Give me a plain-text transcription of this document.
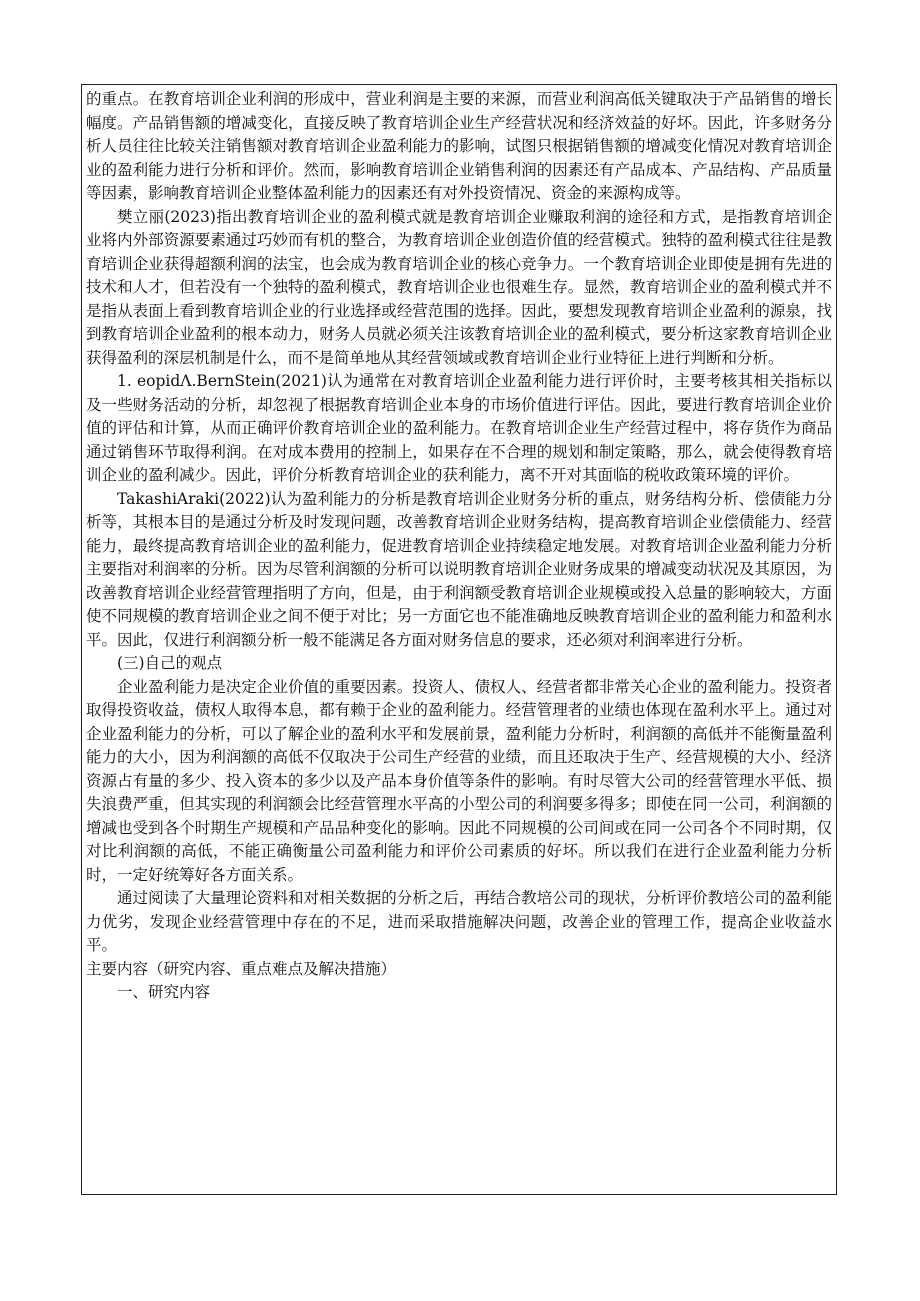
的重点。在教育培训企业利润的形成中，营业利润是主要的来源，而营业利润高低关键取决于产品销售的增长幅度。产品销售额的增减变化，直接反映了教育培训企业生产经营状况和经济效益的好坏。因此，许多财务分析人员往往比较关注销售额对教育培训企业盈利能力的影响，试图只根据销售额的增减变化情况对教育培训企业的盈利能力进行分析和评价。然而，影响教育培训企业销售利润的因素还有产品成本、产品结构、产品质量等因素，影响教育培训企业整体盈利能力的因素还有对外投资情况、资金的来源构成等。

樊立丽(2023)指出教育培训企业的盈利模式就是教育培训企业赚取利润的途径和方式，是指教育培训企业将内外部资源要素通过巧妙而有机的整合，为教育培训企业创造价值的经营模式。独特的盈利模式往往是教育培训企业获得超额利润的法宝，也会成为教育培训企业的核心竞争力。一个教育培训企业即使是拥有先进的技术和人才，但若没有一个独特的盈利模式，教育培训企业也很难生存。显然，教育培训企业的盈利模式并不是指从表面上看到教育培训企业的行业选择或经营范围的选择。因此，要想发现教育培训企业盈利的源泉，找到教育培训企业盈利的根本动力，财务人员就必须关注该教育培训企业的盈利模式，要分析这家教育培训企业获得盈利的深层机制是什么，而不是简单地从其经营领域或教育培训企业行业特征上进行判断和分析。

1. eopidΛ.BernStein(2021)认为通常在对教育培训企业盈利能力进行评价时，主要考核其相关指标以及一些财务活动的分析，却忽视了根据教育培训企业本身的市场价值进行评估。因此，要进行教育培训企业价值的评估和计算，从而正确评价教育培训企业的盈利能力。在教育培训企业生产经营过程中，将存货作为商品通过销售环节取得利润。在对成本费用的控制上，如果存在不合理的规划和制定策略，那么，就会使得教育培训企业的盈利减少。因此，评价分析教育培训企业的获利能力，离不开对其面临的税收政策环境的评价。

TakashiAraki(2022)认为盈利能力的分析是教育培训企业财务分析的重点，财务结构分析、偿债能力分析等，其根本目的是通过分析及时发现问题，改善教育培训企业财务结构，提高教育培训企业偿债能力、经营能力，最终提高教育培训企业的盈利能力，促进教育培训企业持续稳定地发展。对教育培训企业盈利能力分析主要指对利润率的分析。因为尽管利润额的分析可以说明教育培训企业财务成果的增减变动状况及其原因，为改善教育培训企业经营管理指明了方向，但是，由于利润额受教育培训企业规模或投入总量的影响较大，方面使不同规模的教育培训企业之间不便于对比；另一方面它也不能准确地反映教育培训企业的盈利能力和盈利水平。因此，仅进行利润额分析一般不能满足各方面对财务信息的要求，还必须对利润率进行分析。

(三)自己的观点

企业盈利能力是决定企业价值的重要因素。投资人、债权人、经营者都非常关心企业的盈利能力。投资者取得投资收益，债权人取得本息，都有赖于企业的盈利能力。经营管理者的业绩也体现在盈利水平上。通过对企业盈利能力的分析，可以了解企业的盈利水平和发展前景，盈利能力分析时，利润额的高低并不能衡量盈利能力的大小，因为利润额的高低不仅取决于公司生产经营的业绩，而且还取决于生产、经营规模的大小、经济资源占有量的多少、投入资本的多少以及产品本身价值等条件的影响。有时尽管大公司的经营管理水平低、损失浪费严重，但其实现的利润额会比经营管理水平高的小型公司的利润要多得多；即使在同一公司，利润额的增减也受到各个时期生产规模和产品品种变化的影响。因此不同规模的公司间或在同一公司各个不同时期，仅对比利润额的高低，不能正确衡量公司盈利能力和评价公司素质的好坏。所以我们在进行企业盈利能力分析时，一定好统筹好各方面关系。

通过阅读了大量理论资料和对相关数据的分析之后，再结合教培公司的现状，分析评价教培公司的盈利能力优劣，发现企业经营管理中存在的不足，进而采取措施解决问题，改善企业的管理工作，提高企业收益水平。

主要内容（研究内容、重点难点及解决措施）

一、研究内容
